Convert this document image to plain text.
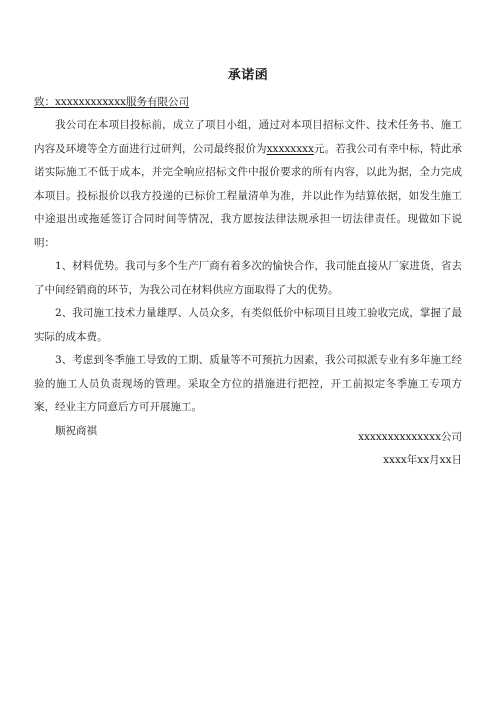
承诺函
致：xxxxxxxxxxxx服务有限公司

我公司在本项目投标前，成立了项目小组，通过对本项目招标文件、技术任务书、施工内容及环境等全方面进行过研判，公司最终报价为xxxxxxxx元。若我公司有幸中标，特此承诺实际施工不低于成本，并完全响应招标文件中报价要求的所有内容，以此为据，全力完成本项目。投标报价以我方投递的已标价工程量清单为准，并以此作为结算依据，如发生施工中途退出或拖延签订合同时间等情况，我方愿按法律法规承担一切法律责任。现做如下说明：

1、材料优势。我司与多个生产厂商有着多次的愉快合作，我司能直接从厂家进货，省去了中间经销商的环节，为我公司在材料供应方面取得了大的优势。

2、我司施工技术力量雄厚、人员众多，有类似低价中标项目且竣工验收完成，掌握了最实际的成本费。

3、考虑到冬季施工导致的工期、质量等不可预抗力因素，我公司拟派专业有多年施工经验的施工人员负责现场的管理。采取全方位的措施进行把控，开工前拟定冬季施工专项方案，经业主方同意后方可开展施工。

顺祝商祺

xxxxxxxxxxxxxx公司
xxxx年xx月xx日
